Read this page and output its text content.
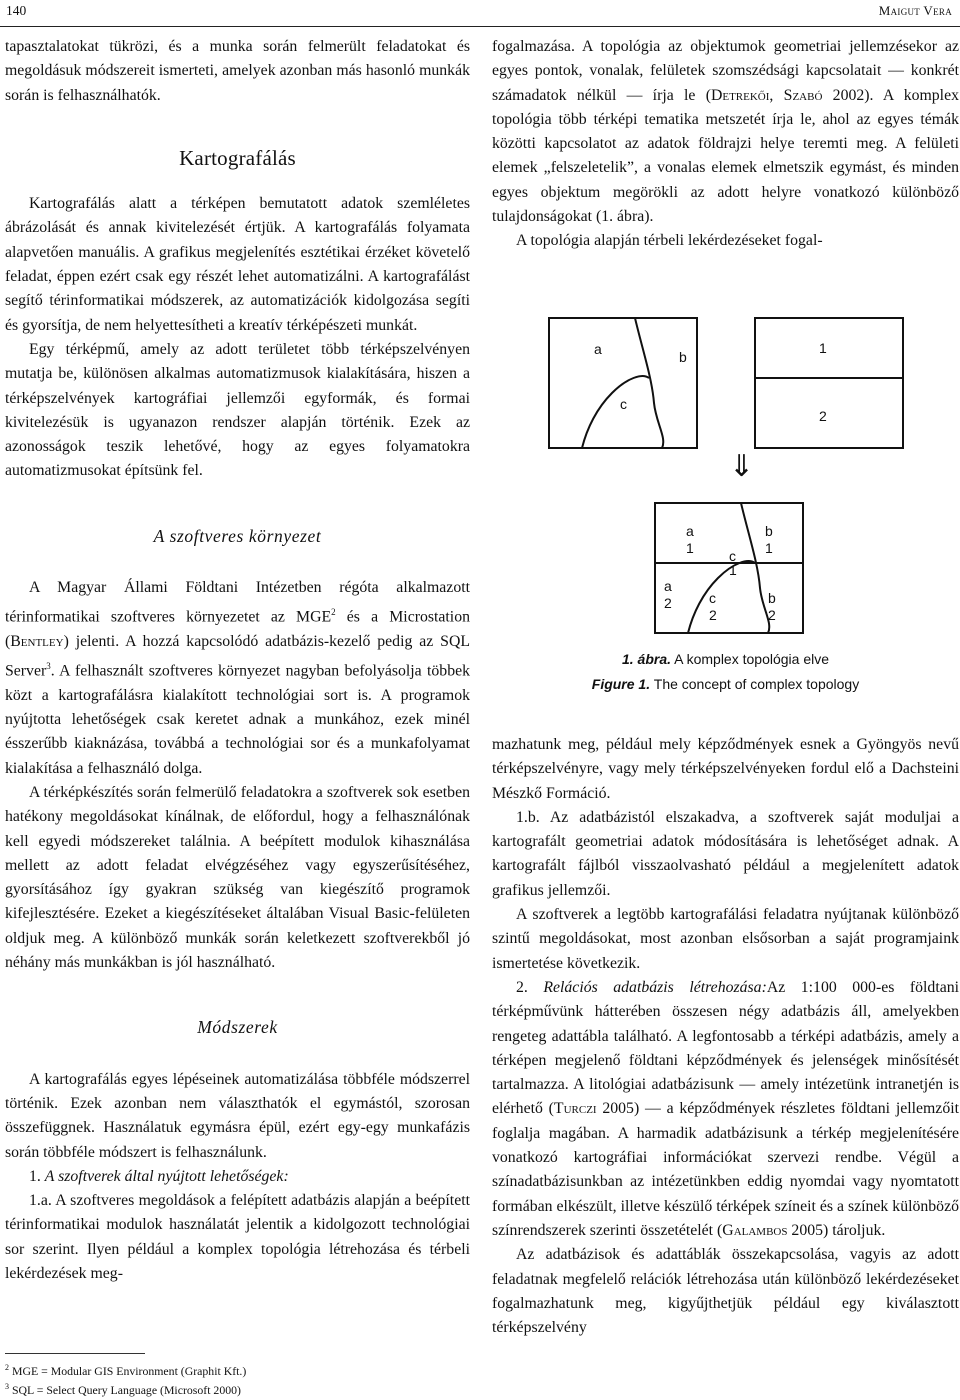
140	Maigut Vera

tapasztalatokat tükrözi, és a munka során felmerült feladatokat és megoldásuk módszereit ismerteti, amelyek azonban más hasonló munkák során is felhasználhatók.

Kartografálás

Kartografálás alatt a térképen bemutatott adatok szemléletes ábrázolását és annak kivitelezését értjük. A kartografálás folyamata alapvetően manuális. A grafikus megjelenítés esztétikai érzéket követelő feladat, éppen ezért csak egy részét lehet automatizálni. A kartografálást segítő térinformatikai módszerek, az automatizációk kidolgozása segíti és gyorsítja, de nem helyettesítheti a kreatív térképészeti munkát.

Egy térképmű, amely az adott területet több térképszelvényen mutatja be, különösen alkalmas automatizmusok kialakítására, hiszen a térképszelvények kartográfiai jellemzői egyformák, és formai kivitelezésük is ugyanazon rendszer alapján történik. Ezek az azonosságok teszik lehetővé, hogy az egyes folyamatokra automatizmusokat építsünk fel.

A szoftveres környezet

A Magyar Állami Földtani Intézetben régóta alkalmazott térinformatikai szoftveres környezetet az MGE$^2$ és a Microstation (Bentley) jelenti. A hozzá kapcsolódó adatbázis-kezelő pedig az SQL Server$^3$. A felhasznált szoftveres környezet nagyban befolyásolja többek közt a kartografálásra kialakított technológiai sort is. A programok nyújtotta lehetőségek csak keretet adnak a munkához, ezek minél ésszerűbb kiaknázása, továbbá a technológiai sor és a munkafolyamat kialakítása a felhasználó dolga.

A térképkészítés során felmerülő feladatokra a szoftverek sok esetben hatékony megoldásokat kínálnak, de előfordul, hogy a felhasználónak kell egyedi módszereket találnia. A beépített modulok kihasználása mellett az adott feladat elvégzéséhez vagy egyszerűsítéséhez, gyorsításához így gyakran szükség van kiegészítő programok kifejlesztésére. Ezeket a kiegészítéseket általában Visual Basic-felületen oldjuk meg. A különböző munkák során keletkezett szoftverekből jó néhány más munkákban is jól használható.

Módszerek

A kartografálás egyes lépéseinek automatizálása többféle módszerrel történik. Ezek azonban nem választhatók el egymástól, szorosan összefüggnek. Használatuk egymásra épül, ezért egy-egy munkafázis során többféle módszert is felhasználunk.

1. A szoftverek által nyújtott lehetőségek:

1.a. A szoftveres megoldások a felépített adatbázis alapján a beépített térinformatikai modulok használatát jelentik a kidolgozott technológiai sor szerint. Ilyen például a komplex topológia létrehozása és térbeli lekérdezések meg-

$^2$ MGE = Modular GIS Environment (Graphit Kft.)
$^3$ SQL = Select Query Language (Microsoft 2000)

fogalmazása. A topológia az objektumok geometriai jellemzésekor az egyes pontok, vonalak, felületek szomszédsági kapcsolatait — konkrét számadatok nélkül — írja le (Detrekői, Szabó 2002). A komplex topológia több térképi tematika metszetét írja le, ahol az egyes témák közötti kapcsolatot az adatok földrajzi helye teremti meg. A felületi elemek „felszeletelik”, a vonalas elemek elmetszik egymást, és minden egyes objektum megörökli az adott helyre vonatkozó különböző tulajdonságokat (1. ábra).

A topológia alapján térbeli lekérdezéseket fogal-

a	b
c
1
2
⇓
a
1
b
1
c
1
a
2	c
2
b
2
1. ábra. A komplex topológia elve
Figure 1. The concept of complex topology

mazhatunk meg, például mely képződmények esnek a Gyöngyös nevű térképszelvényre, vagy mely térképszelvényeken fordul elő a Dachsteini Mészkő Formáció.

1.b. Az adatbázistól elszakadva, a szoftverek saját moduljai a kartografált geometriai adatok módosítására is lehetőséget adnak. A kartografált fájlból visszaolvasható például a megjelenített adatok grafikus jellemzői.

A szoftverek a legtöbb kartografálási feladatra nyújtanak különböző szintű megoldásokat, most azonban elsősorban a saját programjaink ismertetése következik.

2. Relációs adatbázis létrehozása:Az 1:100 000-es földtani térképművünk hátterében összesen négy adatbázis áll, amelyekben rengeteg adattábla található. A legfontosabb a térképi adatbázis, amely a térképen megjelenő földtani képződmények és jelenségek minősítését tartalmazza. A litológiai adatbázisunk — amely intézetünk intranetjén is elérhető (Turczi 2005) — a képződmények részletes földtani jellemzőit foglalja magában. A harmadik adatbázisunk a térkép megjelenítésére vonatkozó kartográfiai információkat szervezi rendbe. Végül a színadatbázisunkban az intézetünkben eddig nyomdai vagy nyomtatott formában elkészült, illetve készülő térképek színeit és a színek különböző színrendszerek szerinti összetételét (Galambos 2005) tároljuk.

Az adatbázisok és adattáblák összekapcsolása, vagyis az adott feladatnak megfelelő relációk létrehozása után különböző lekérdezéseket fogalmazhatunk meg, kigyűjthetjük például egy kiválasztott térképszelvény
